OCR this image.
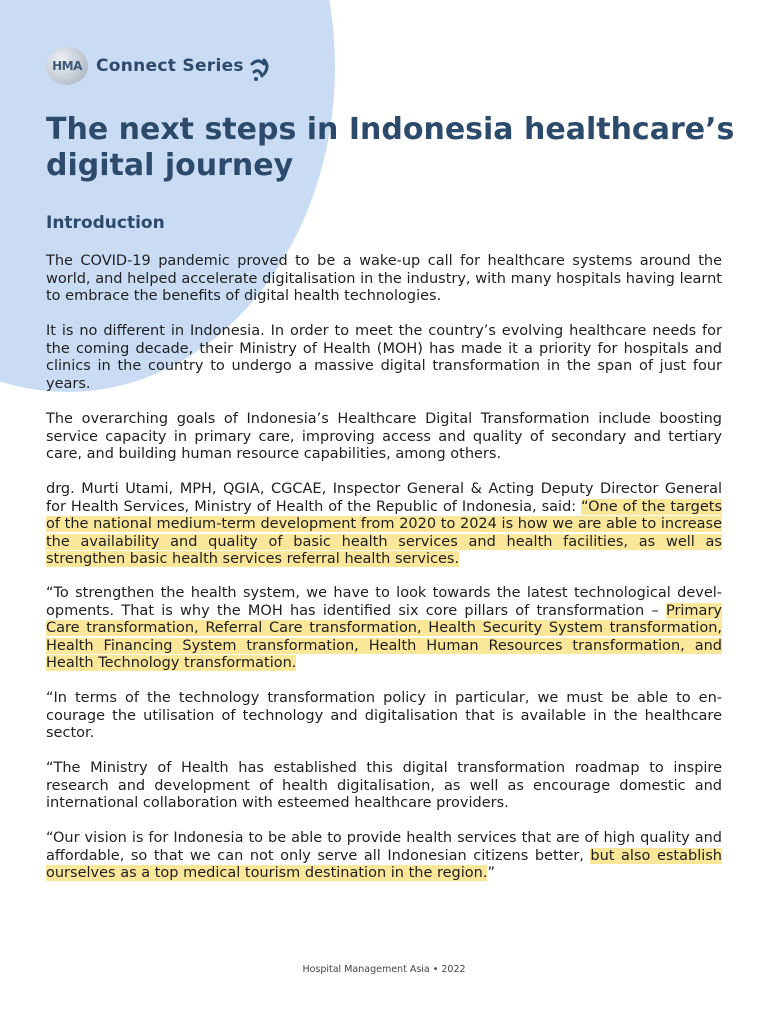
HMA Connect Series
The next steps in Indonesia healthcare’s digital journey
Introduction

The COVID-19 pandemic proved to be a wake-up call for healthcare systems around the world, and helped accelerate digitalisation in the industry, with many hospitals having learnt to embrace the benefits of digital health technologies.

It is no different in Indonesia. In order to meet the country’s evolving healthcare needs for the coming decade, their Ministry of Health (MOH) has made it a priority for hospitals and clinics in the country to undergo a massive digital transformation in the span of just four years.

The overarching goals of Indonesia’s Healthcare Digital Transformation include boosting service capacity in primary care, improving access and quality of secondary and tertiary care, and building human resource capabilities, among others.

drg. Murti Utami, MPH, QGIA, CGCAE, Inspector General & Acting Deputy Director General for Health Services, Ministry of Health of the Republic of Indonesia, said: “One of the targets of the national medium-term development from 2020 to 2024 is how we are able to increase the availability and quality of basic health services and health facilities, as well as strengthen basic health services referral health services.

“To strengthen the health system, we have to look towards the latest technological developments. That is why the MOH has identified six core pillars of transformation – Primary Care transformation, Referral Care transformation, Health Security System transformation, Health Financing System transformation, Health Human Resources transformation, and Health Technology transformation.

“In terms of the technology transformation policy in particular, we must be able to encourage the utilisation of technology and digitalisation that is available in the healthcare sector.

“The Ministry of Health has established this digital transformation roadmap to inspire research and development of health digitalisation, as well as encourage domestic and international collaboration with esteemed healthcare providers.

“Our vision is for Indonesia to be able to provide health services that are of high quality and affordable, so that we can not only serve all Indonesian citizens better, but also establish ourselves as a top medical tourism destination in the region.”

Hospital Management Asia • 2022
